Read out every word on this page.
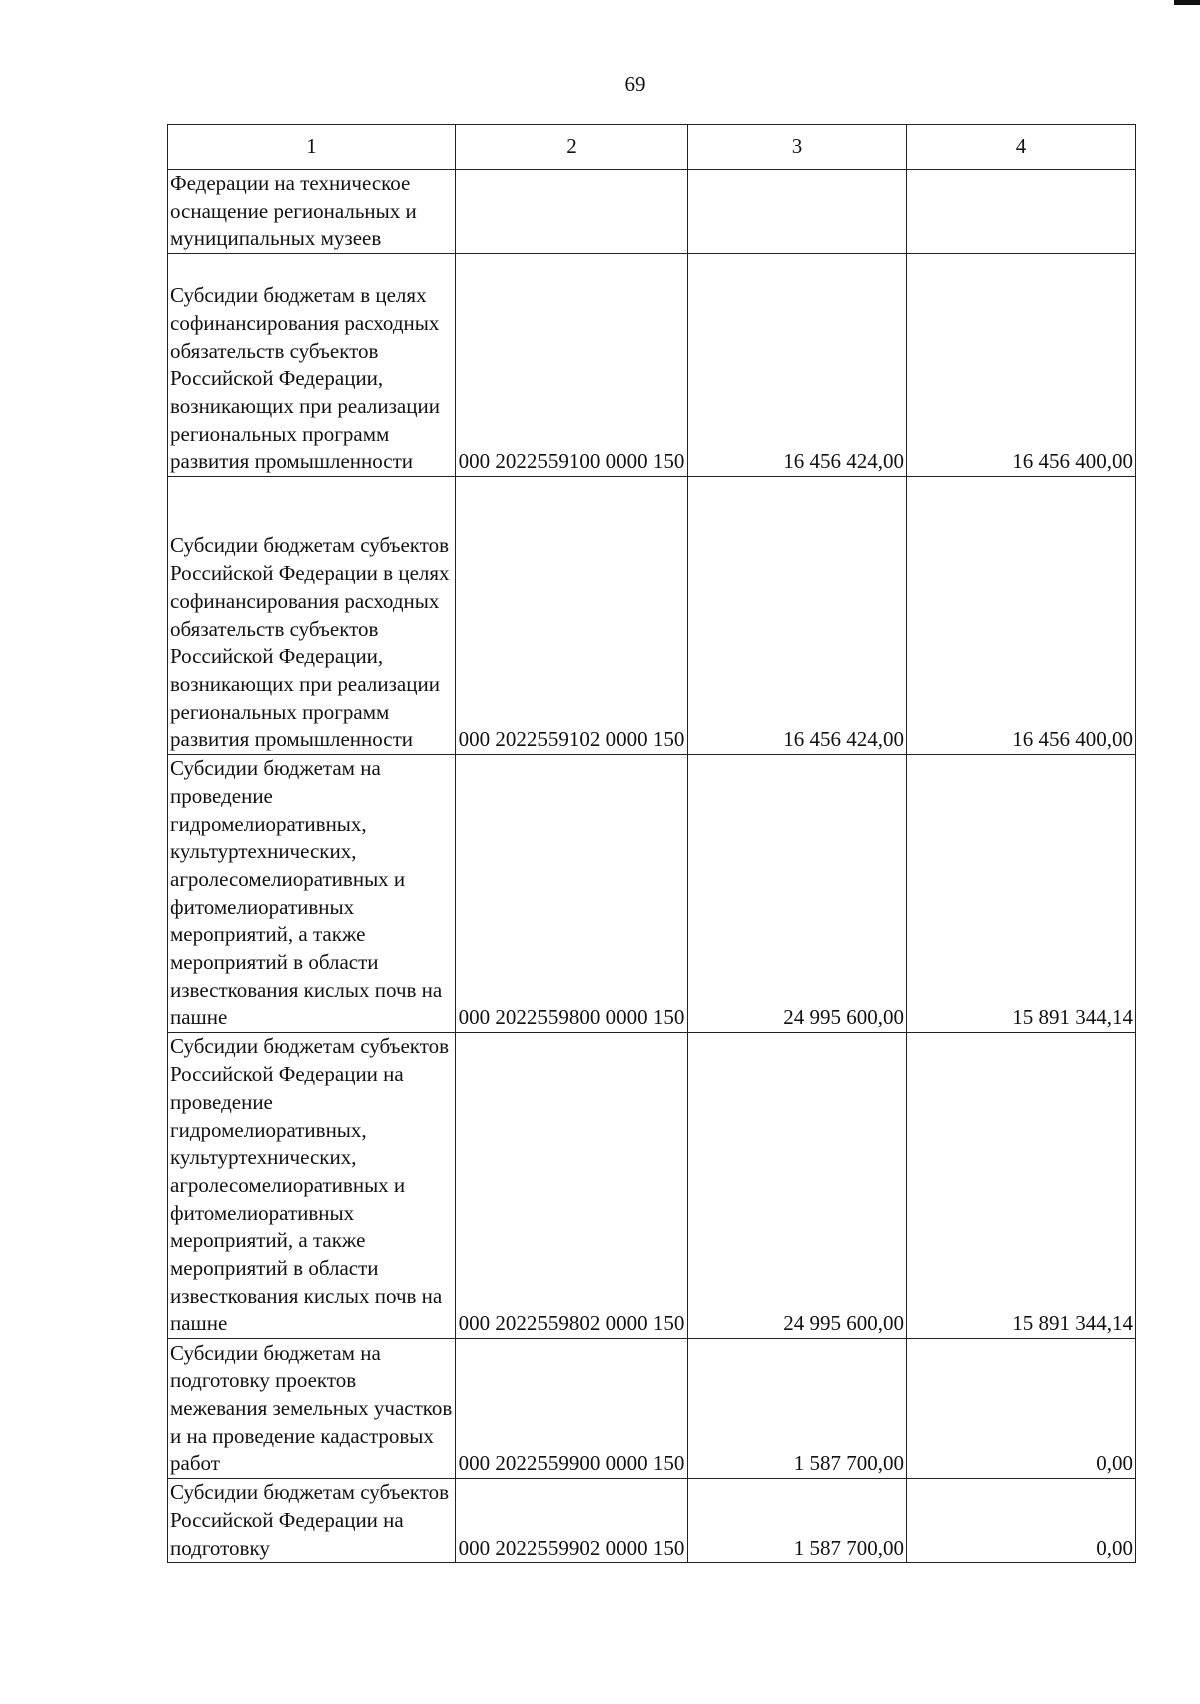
69
1	2	3	4
Федерации на техническое оснащение региональных и муниципальных музеев			
Субсидии бюджетам в целях софинансирования расходных обязательств субъектов Российской Федерации, возникающих при реализации региональных программ развития промышленности	000 2022559100 0000 150	16 456 424,00	16 456 400,00
Субсидии бюджетам субъектов Российской Федерации в целях софинансирования расходных обязательств субъектов Российской Федерации, возникающих при реализации региональных программ развития промышленности	000 2022559102 0000 150	16 456 424,00	16 456 400,00
Субсидии бюджетам на проведение гидромелиоративных, культуртехнических, агролесомелиоративных и фитомелиоративных мероприятий, а также мероприятий в области известкования кислых почв на пашне	000 2022559800 0000 150	24 995 600,00	15 891 344,14
Субсидии бюджетам субъектов Российской Федерации на проведение гидромелиоративных, культуртехнических, агролесомелиоративных и фитомелиоративных мероприятий, а также мероприятий в области известкования кислых почв на пашне	000 2022559802 0000 150	24 995 600,00	15 891 344,14
Субсидии бюджетам на подготовку проектов межевания земельных участков и на проведение кадастровых работ	000 2022559900 0000 150	1 587 700,00	0,00
Субсидии бюджетам субъектов Российской Федерации на подготовку	000 2022559902 0000 150	1 587 700,00	0,00
